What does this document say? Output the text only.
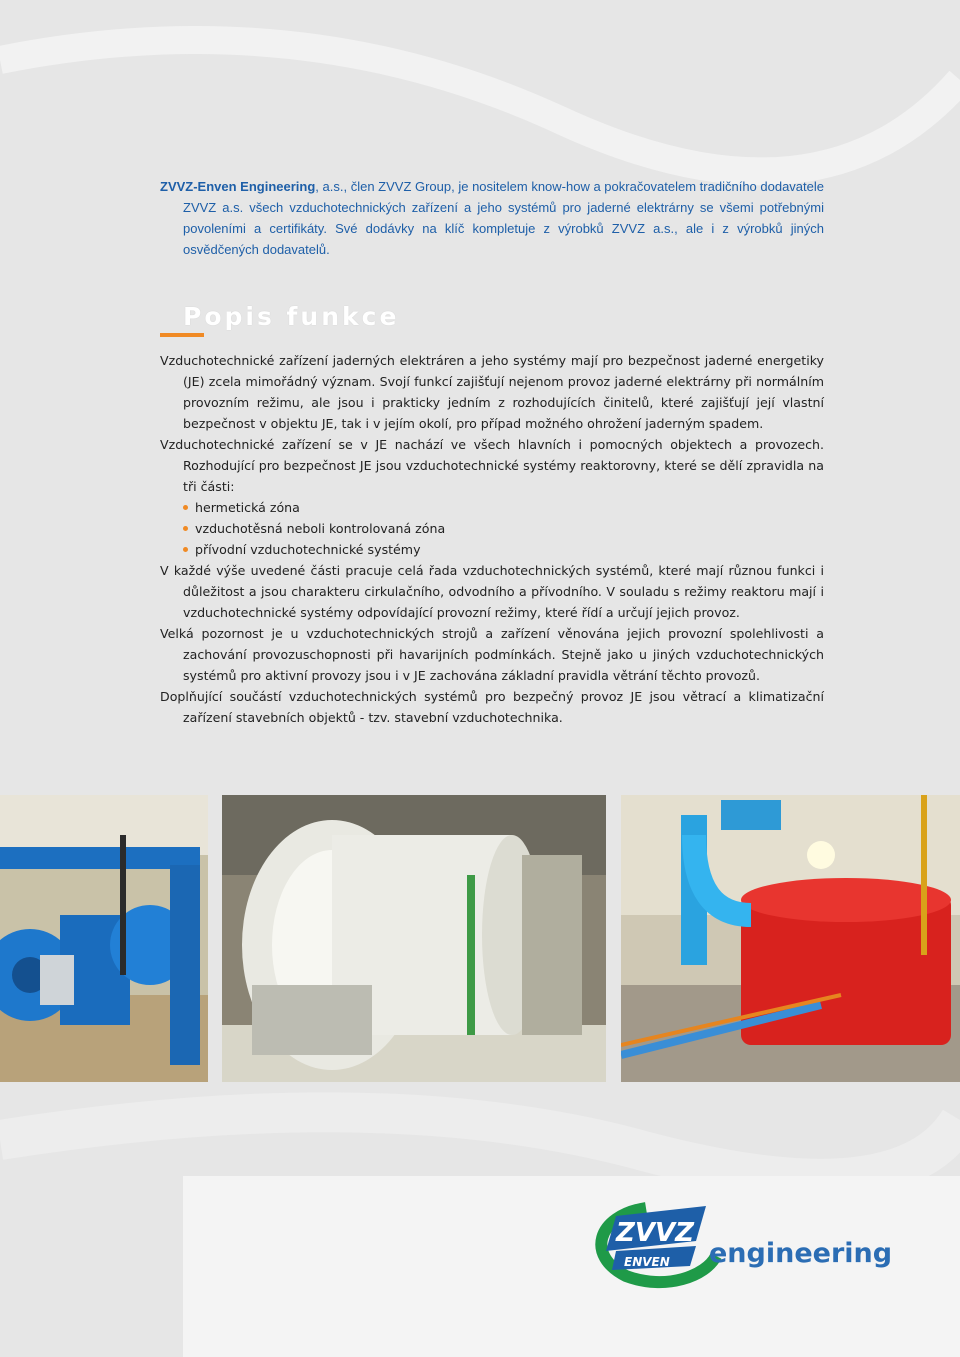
ZVVZ-Enven Engineering, a.s., člen ZVVZ Group, je nositelem know-how a pokračovatelem tradičního dodavatele ZVVZ a.s. všech vzduchotechnických zařízení a jeho systémů pro jaderné elektrárny se všemi potřebnými povoleními a certifikáty. Své dodávky na klíč kompletuje z výrobků ZVVZ a.s., ale i z výrobků jiných osvědčených dodavatelů.

Popis funkce

Vzduchotechnické zařízení jaderných elektráren a jeho systémy mají pro bezpečnost jaderné energetiky (JE) zcela mimořádný význam. Svojí funkcí zajišťují nejenom provoz jaderné elektrárny při normálním provozním režimu, ale jsou i prakticky jedním z rozhodujících činitelů, které zajišťují její vlastní bezpečnost v objektu JE, tak i v jejím okolí, pro případ možného ohrožení jaderným spadem.

Vzduchotechnické zařízení se v JE nachází ve všech hlavních i pomocných objektech a provozech. Rozhodující pro bezpečnost JE jsou vzduchotechnické systémy reaktorovny, které se dělí zpravidla na tři části:

hermetická zóna
vzduchotěsná neboli kontrolovaná zóna
přívodní vzduchotechnické systémy

V každé výše uvedené části pracuje celá řada vzduchotechnických systémů, které mají různou funkci i důležitost a jsou charakteru cirkulačního, odvodního a přívodního. V souladu s režimy reaktoru mají i vzduchotechnické systémy odpovídající provozní režimy, které řídí a určují jejich provoz.

Velká pozornost je u vzduchotechnických strojů a zařízení věnována jejich provozní spolehlivosti a zachování provozuschopnosti při havarijních podmínkách. Stejně jako u jiných vzduchotechnických systémů pro aktivní provozy jsou i v JE zachována základní pravidla větrání těchto provozů.

Doplňující součástí vzduchotechnických systémů pro bezpečný provoz JE jsou větrací a klimatizační zařízení stavebních objektů - tzv. stavební vzduchotechnika.

ZVVZ
ENVEN engineering
